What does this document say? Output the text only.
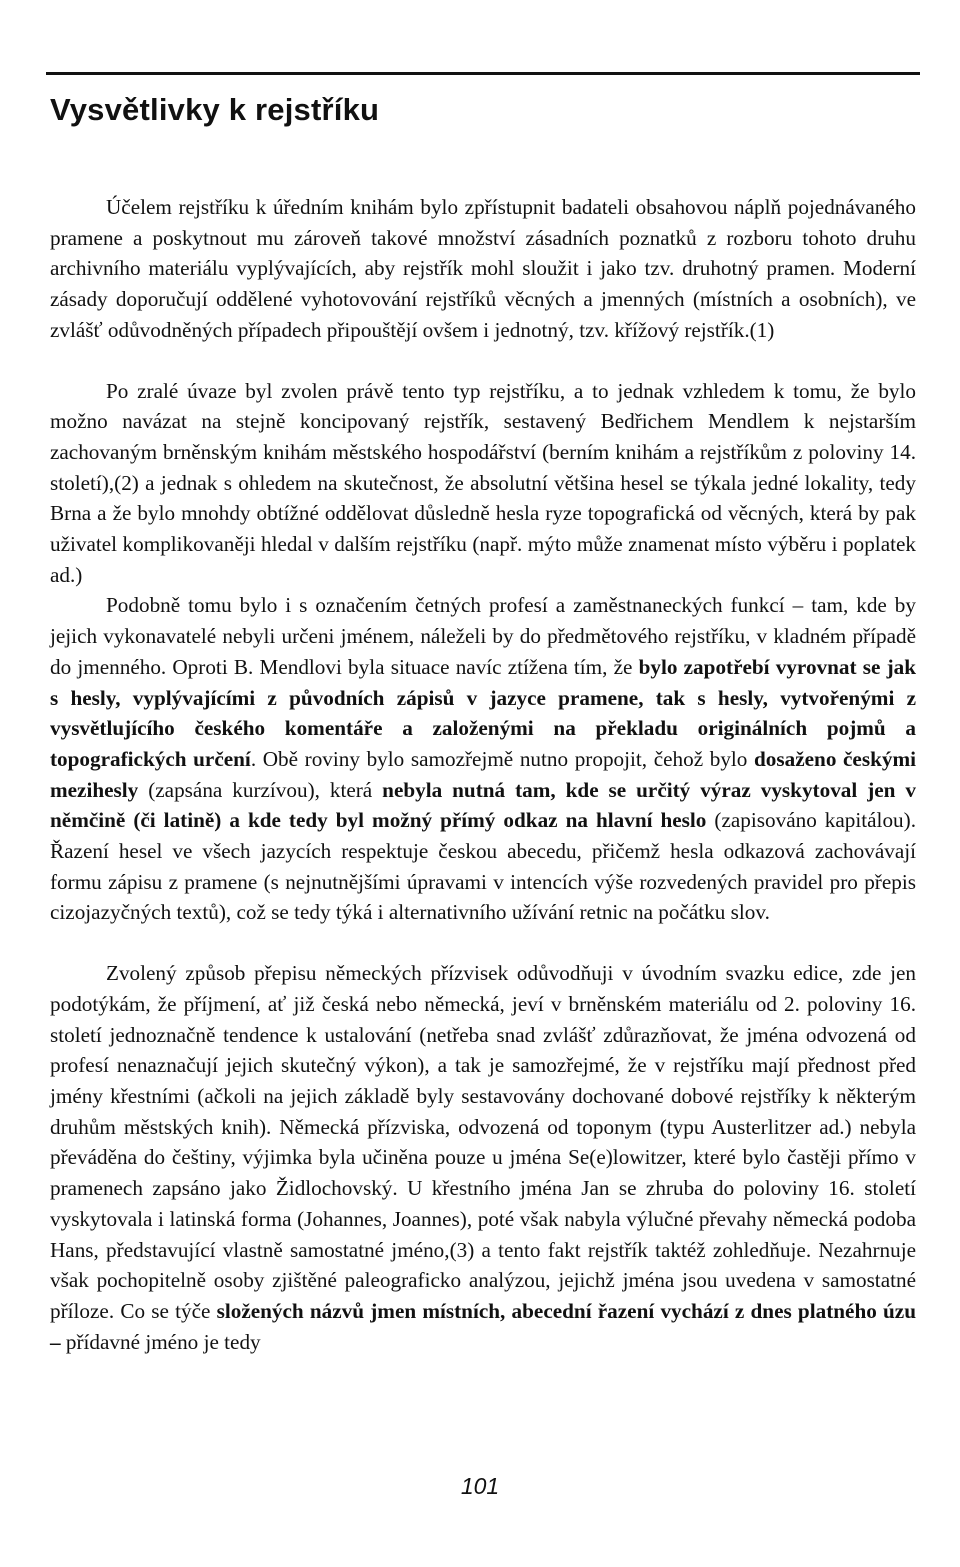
Vysvětlivky k rejstříku

Účelem rejstříku k úředním knihám bylo zpřístupnit badateli obsahovou náplň pojednávaného pramene a poskytnout mu zároveň takové množství zásadních poznatků z rozboru tohoto druhu archivního materiálu vyplývajících, aby rejstřík mohl sloužit i jako tzv. druhotný pramen. Moderní zásady doporučují oddělené vyhotovování rejstříků věcných a jmenných (místních a osobních), ve zvlášť odůvodněných případech připouštějí ovšem i jednotný, tzv. křížový rejstřík.(1)

Po zralé úvaze byl zvolen právě tento typ rejstříku, a to jednak vzhledem k tomu, že bylo možno navázat na stejně koncipovaný rejstřík, sestavený Bedřichem Mendlem k nejstarším zachovaným brněnským knihám městského hospodářství (berním knihám a rejstříkům z poloviny 14. století),(2) a jednak s ohledem na skutečnost, že absolutní většina hesel se týkala jedné lokality, tedy Brna a že bylo mnohdy obtížné oddělovat důsledně hesla ryze topografická od věcných, která by pak uživatel komplikovaněji hledal v dalším rejstříku (např. mýto může znamenat místo výběru i poplatek ad.)

Podobně tomu bylo i s označením četných profesí a zaměstnaneckých funkcí – tam, kde by jejich vykonavatelé nebyli určeni jménem, náleželi by do předmětového rejstříku, v kladném případě do jmenného. Oproti B. Mendlovi byla situace navíc ztížena tím, že bylo zapotřebí vyrovnat se jak s hesly, vyplývajícími z původních zápisů v jazyce pramene, tak s hesly, vytvořenými z vysvětlujícího českého komentáře a založenými na překladu originálních pojmů a topografických určení. Obě roviny bylo samozřejmě nutno propojit, čehož bylo dosaženo českými mezihesly (zapsána kurzívou), která nebyla nutná tam, kde se určitý výraz vyskytoval jen v němčině (či latině) a kde tedy byl možný přímý odkaz na hlavní heslo (zapisováno kapitálou). Řazení hesel ve všech jazycích respektuje českou abecedu, přičemž hesla odkazová zachovávají formu zápisu z pramene (s nejnutnějšími úpravami v intencích výše rozvedených pravidel pro přepis cizojazyčných textů), což se tedy týká i alternativního užívání retnic na počátku slov.

Zvolený způsob přepisu německých přízvisek odůvodňuji v úvodním svazku edice, zde jen podotýkám, že příjmení, ať již česká nebo německá, jeví v brněnském materiálu od 2. poloviny 16. století jednoznačně tendence k ustalování (netřeba snad zvlášť zdůrazňovat, že jména odvozená od profesí nenaznačují jejich skutečný výkon), a tak je samozřejmé, že v rejstříku mají přednost před jmény křestními (ačkoli na jejich základě byly sestavovány dochované dobové rejstříky k některým druhům městských knih). Německá přízviska, odvozená od toponym (typu Austerlitzer ad.) nebyla převáděna do češtiny, výjimka byla učiněna pouze u jména Se(e)lowitzer, které bylo častěji přímo v pramenech zapsáno jako Židlochovský. U křestního jména Jan se zhruba do poloviny 16. století vyskytovala i latinská forma (Johannes, Joannes), poté však nabyla výlučné převahy německá podoba Hans, představující vlastně samostatné jméno,(3) a tento fakt rejstřík taktéž zohledňuje. Nezahrnuje však pochopitelně osoby zjištěné paleograficko analýzou, jejichž jména jsou uvedena v samostatné příloze. Co se týče složených názvů jmen místních, abecední řazení vychází z dnes platného úzu – přídavné jméno je tedy

101
